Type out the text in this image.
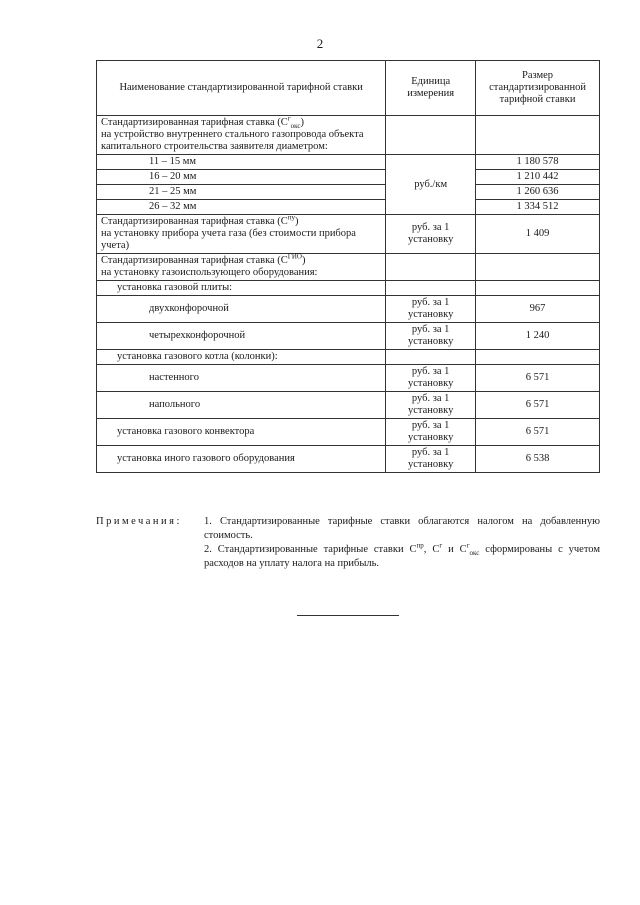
2
Наименование стандартизированной тарифной ставки	Единица измерения	Размер стандартизированной тарифной ставки
Стандартизированная тарифная ставка $(С^г_{окс})$
на устройство внутреннего стального газопровода объекта капитального строительства заявителя диаметром:		
11 – 15 мм	руб./км	1 180 578
16 – 20 мм		1 210 442
21 – 25 мм		1 260 636
26 – 32 мм		1 334 512
Стандартизированная тарифная ставка $(С^{пу})$
на установку прибора учета газа (без стоимости прибора учета)	руб. за 1 установку	1 409
Стандартизированная тарифная ставка $(С^{ГИО})$
на установку газоиспользующего оборудования:		
установка газовой плиты:		
двухконфорочной	руб. за 1 установку	967
четырехконфорочной	руб. за 1 установку	1 240
установка газового котла (колонки):		
настенного	руб. за 1 установку	6 571
напольного	руб. за 1 установку	6 571
установка газового конвектора	руб. за 1 установку	6 571
установка иного газового оборудования	руб. за 1 установку	6 538
Примечания: 1. Стандартизированные тарифные ставки облагаются налогом на добавленную стоимость.
2. Стандартизированные тарифные ставки $С^{пр}$, $С^г$ и $С^г_{окс}$ сформированы с учетом расходов на уплату налога на прибыль.
